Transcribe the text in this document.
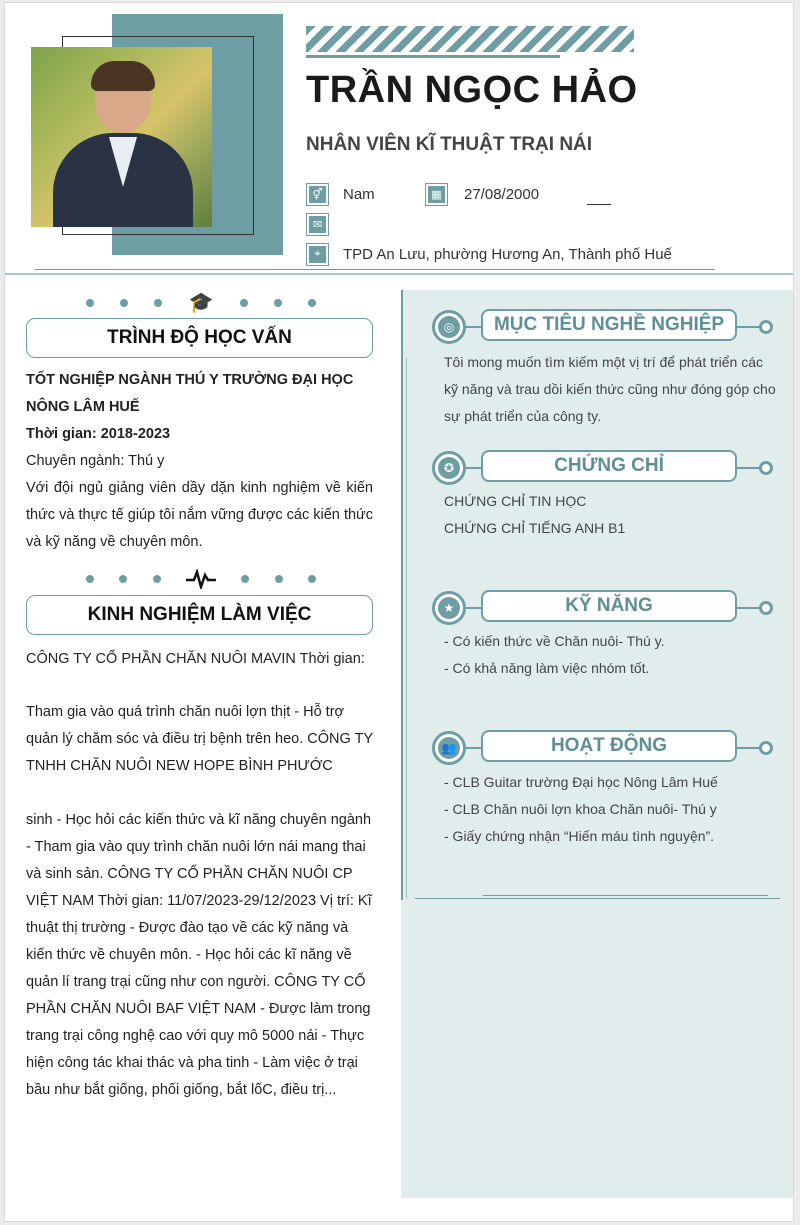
TRẦN NGỌC HẢO
NHÂN VIÊN KĨ THUẬT TRẠI NÁI
⚥ Nam	▦ 27/08/2000
✉
⌖	TPD An Lưu, phường Hương An, Thành phố Huế
◎	MỤC TIÊU NGHỀ NGHIỆP
Tôi mong muốn tìm kiếm một vị trí để phát triển các kỹ năng và trau dồi kiến thức cũng như đóng góp cho sự phát triển của công ty.
✪	CHỨNG CHỈ
CHỨNG CHỈ TIN HỌC
CHỨNG CHỈ TIẾNG ANH B1
★	KỸ NĂNG
- Có kiến thức về Chăn nuôi- Thú y.
- Có khả năng làm việc nhóm tốt.
👥	HOẠT ĐỘNG
- CLB Guitar trường Đại học Nông Lâm Huế
- CLB Chăn nuôi lợn khoa Chăn nuôi- Thú y
- Giấy chứng nhận “Hiến máu tình nguyện”.
🎓
TRÌNH ĐỘ HỌC VẤN
TỐT NGHIỆP NGÀNH THÚ Y TRƯỜNG ĐẠI HỌC
NÔNG LÂM HUẾ
Thời gian: 2018-2023
Chuyên ngành: Thú y
Với đội ngủ giảng viên dầy dặn kinh nghiệm về kiến thức và thực tế giúp tôi nắm vững được các kiến thức và kỹ năng về chuyên môn.
KINH NGHIỆM LÀM VIỆC
CÔNG TY CỔ PHẦN CHĂN NUÔI MAVIN Thời gian:
Tham gia vào quá trình chăn nuôi lợn thịt - Hỗ trợ quản lý chăm sóc và điều trị bệnh trên heo. CÔNG TY TNHH CHĂN NUÔI NEW HOPE BÌNH PHƯỚC
sinh - Học hỏi các kiến thức và kĩ năng chuyên ngành - Tham gia vào quy trình chăn nuôi lớn nái mang thai và sinh sản. CÔNG TY CỔ PHẦN CHĂN NUÔI CP VIỆT NAM Thời gian: 11/07/2023-29/12/2023 Vị trí: Kĩ thuật thị trường - Được đào tạo về các kỹ năng và kiến thức về chuyên môn. - Học hỏi các kĩ năng về quản lí trang trại cũng như con người. CÔNG TY CỔ PHẦN CHĂN NUÔI BAF VIỆT NAM - Được làm trong trang trại công nghệ cao với quy mô 5000 nái - Thực hiện công tác khai thác và pha tinh - Làm việc ở trại bầu như bắt giống, phối giống, bắt lốC, điều trị...
